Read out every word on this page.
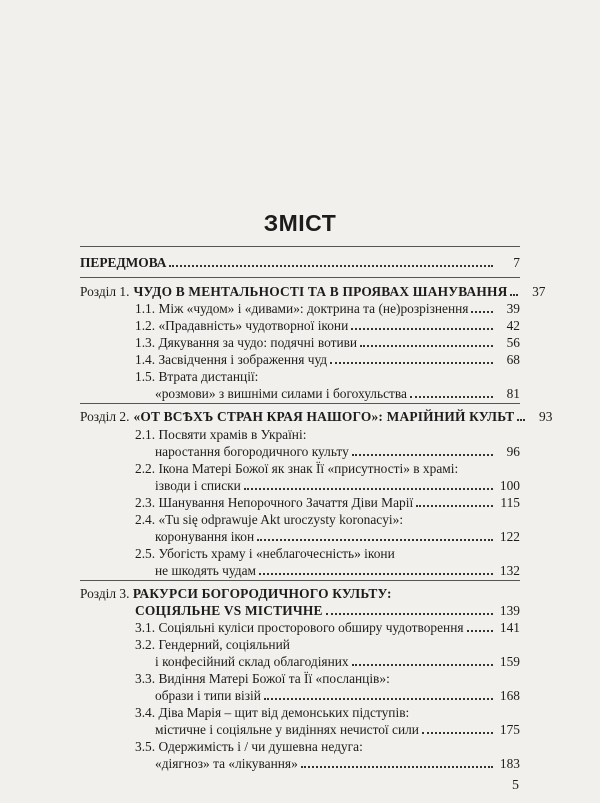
ЗМІСТ
ПЕРЕДМОВА	7
Розділ 1. ЧУДО В МЕНТАЛЬНОСТІ ТА В ПРОЯВАХ ШАНУВАННЯ	37
1.1. Між «чудом» і «дивами»: доктрина та (не)розрізнення	39
1.2. «Прадавність» чудотворної ікони	42
1.3. Дякування за чудо: подячні вотиви	56
1.4. Засвідчення і зображення чуд	68
1.5. Втрата дистанції:
«розмови» з вишніми силами і богохульства	81
Розділ 2. «ОТ ВСѢХЪ СТРАН КРАЯ НАШОГО»: МАРІЙНИЙ КУЛЬТ	93
2.1. Посвяти храмів в Україні:
наростання богородичного культу	96
2.2. Ікона Матері Божої як знак Її «присутності» в храмі:
ізводи і списки	100
2.3. Шанування Непорочного Зачаття Діви Марії	115
2.4. «Tu się odprawuje Akt uroczysty koronacyi»:
коронування ікон	122
2.5. Убогість храму і «неблагочесність» ікони
не шкодять чудам	132
Розділ 3. РАКУРСИ БОГОРОДИЧНОГО КУЛЬТУ:
СОЦІЯЛЬНЕ VS МІСТИЧНЕ	139
3.1. Соціяльні куліси просторового обширу чудотворення	141
3.2. Гендерний, соціяльний
і конфесійний склад облагодіяних	159
3.3. Видіння Матері Божої та Її «посланців»:
образи і типи візій	168
3.4. Діва Марія – щит від демонських підступів:
містичне і соціяльне у видіннях нечистої сили	175
3.5. Одержимість і / чи душевна недуга:
«діягноз» та «лікування»	183
5
